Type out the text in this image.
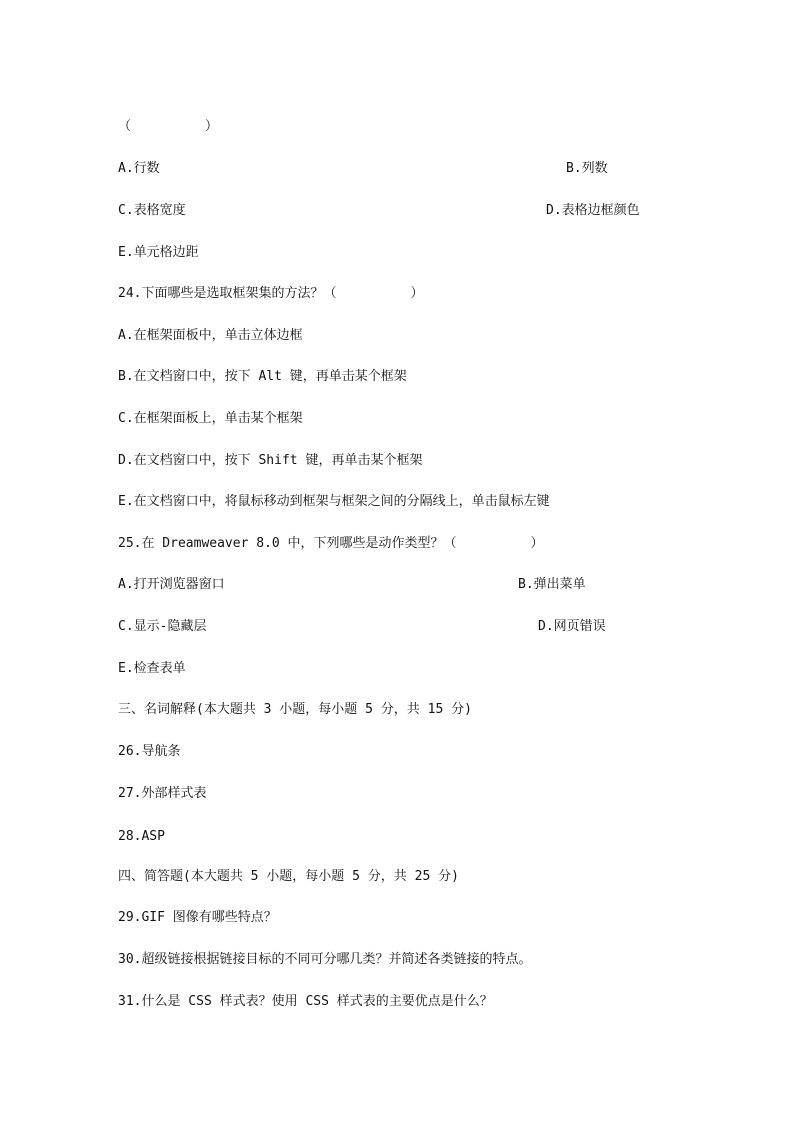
（	）
A.行数	B.列数
C.表格宽度	D.表格边框颜色
E.单元格边距
24.下面哪些是选取框架集的方法？（	）
A.在框架面板中，单击立体边框
B.在文档窗口中，按下 Alt 键，再单击某个框架
C.在框架面板上，单击某个框架
D.在文档窗口中，按下 Shift 键，再单击某个框架
E.在文档窗口中，将鼠标移动到框架与框架之间的分隔线上，单击鼠标左键
25.在 Dreamweaver 8.0 中，下列哪些是动作类型？（	）
A.打开浏览器窗口	B.弹出菜单
C.显示-隐藏层	D.网页错误
E.检查表单
三、名词解释(本大题共 3 小题，每小题 5 分，共 15 分)
26.导航条
27.外部样式表
28.ASP
四、简答题(本大题共 5 小题，每小题 5 分，共 25 分)
29.GIF 图像有哪些特点？
30.超级链接根据链接目标的不同可分哪几类？并简述各类链接的特点。
31.什么是 CSS 样式表？使用 CSS 样式表的主要优点是什么？
